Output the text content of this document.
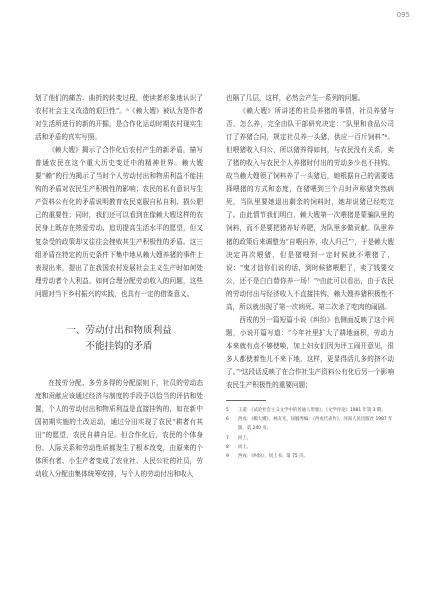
095

划了他们的痛苦、曲折的转变过程，使读者形象地认识了农村社会主义改造的艰巨性”。⁵《赖大嫂》被认为是作者对生活所进行的新的开掘，是合作化运动时期农村现实生活和矛盾的真实写照。

《赖大嫂》揭示了合作化后农村产生的新矛盾，描写普通农民在这个重大历史变迁中的精神世界。赖大嫂要“赖”的行为揭示了当时个人劳动付出和物质利益不能挂钩的矛盾对农民生产积极性的影响；农民的私有意识与生产资料公有化的矛盾说明教育农民克服自私自利、损公肥己的重要性；同时，我们还可以看到在像赖大嫂这样的农民身上既存在热爱劳动、追切提高生活水平的愿望，但又复杂受的政策却又往往会挫败其生产积极性的矛盾。这三组矛盾在特定的历史条件下集中地从赖大嫂养猪的事件上表现出来，提出了在我国农村发展社会主义生产时如何处理劳动者个人利益、如何合理分配劳动收入的问题，这些问题对当下乡村振兴的实践，也具有一定的借鉴意义。

一、劳动付出和物质利益
不能挂钩的矛盾

在按劳分配、多劳多得的分配原则下，社员的劳动态度和贡献应该通过经济与制度的手段予以恰当的评估和处置，个人的劳动付出和物质利益是直接挂钩的，如在新中国初期实施的土改运动，通过分田实现了农民“耕者有其田”的愿望，农民自耕自足。但合作化后，农民的个体身份、人际关系和劳动性质都发生了根本改变，由原来的个体所有者、小生产者变成了农业社、人民公社的社员，劳动收入分配由集体统筹安排，与个人的劳动付出和收入

也隔了几层，这样，必然会产生一系列的问题。

《赖大嫂》所讲述的社员养猪的事情，社员养猪与否、怎么养，完全由队干部研究决定：“队里和食品公司订了养猪合同，规定社员养一头猪，供应一百斤饲料”⁶。但喂猪收入归公，所以猪养得如何，与农民没有关系，卖了猪的收入与农民个人养猪时付出的劳动多少也不挂钩。故当赖大嫂领了饲料养了一头猪后，她根据自己的需要选择喂猪的方式和态度，在猪喂到三个月时声称猪突然病死，当队里要她退出剩余的饲料时，她却说猪已经吃完了。由此情节我们明白，赖大嫂第一次喂猪是蒙骗队里的饲料，而不是要把猪养好养肥，为队里多做贡献。队里养猪的政策后来调整为“自喂自养，收入归己”⁷，于是赖大嫂决定再次喂猪，但是猪喂到一定时候就不喂猪了，说：“鬼才信你们说的话，到时候猪喂肥了，卖了钱要交公，还不是白白替你养一场！”⁸由此可以看出，由于农民的劳动付出与经济收入不直接挂钩，赖大嫂养猪积极性不高，所以就出现了第一次病死、第二次杀了吃肉的闹剧。

西戎的另一篇短篇小说《纠纷》也侧面反映了这个问题，小说开篇写道：“今年社里扩大了耕地面积，劳动力本来就有点不够使唤，加上妇女们因为评工闹开意见，很多人都使着性儿不来下地，这样，更显得活儿多的挤不动了。”⁹这段话反映了在合作社生产资料公有化后另一个影响农民生产积极性的重要问题；

5	王道：《试论社会主义文学中的普通人形象》，《文学评论》1981 年第 3 期。
6	西戎：《赖大嫂》，林友光、屈毓秀编：《西戎代表作》，河南人民出版社 1987 年版，第 240 页。
7	同上。
8	同上。
9	西戎：《纠纷》，同上书，第 75 页。
